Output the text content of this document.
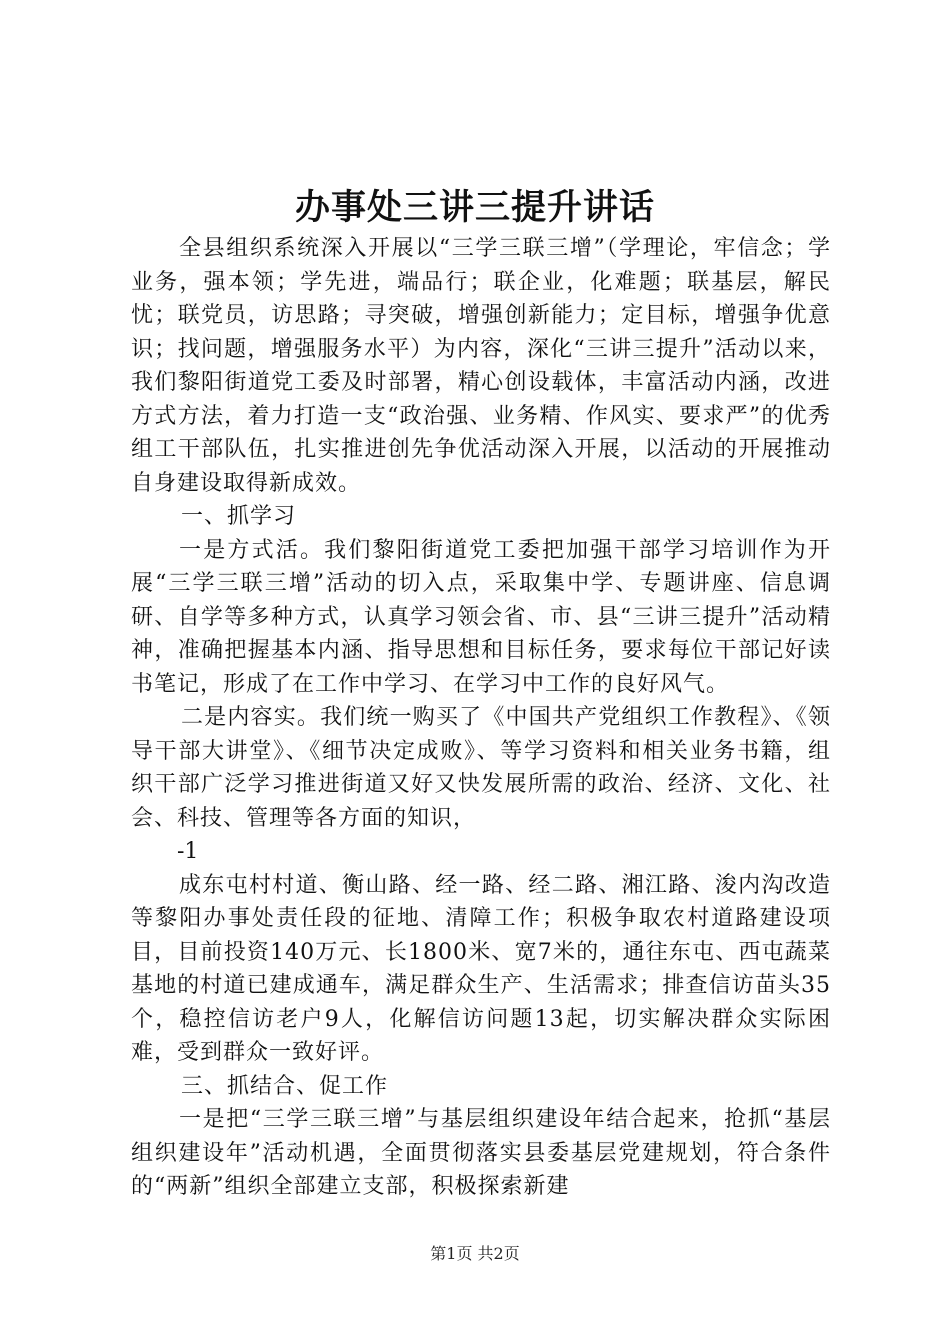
办事处三讲三提升讲话

全县组织系统深入开展以“三学三联三增”（学理论，牢信念；学业务，强本领；学先进，端品行；联企业，化难题；联基层，解民忧；联党员，访思路；寻突破，增强创新能力；定目标，增强争优意识；找问题，增强服务水平）为内容，深化“三讲三提升”活动以来，我们黎阳街道党工委及时部署，精心创设载体，丰富活动内涵，改进方式方法，着力打造一支“政治强、业务精、作风实、要求严”的优秀组工干部队伍，扎实推进创先争优活动深入开展，以活动的开展推动自身建设取得新成效。

一、抓学习

一是方式活。我们黎阳街道党工委把加强干部学习培训作为开展“三学三联三增”活动的切入点，采取集中学、专题讲座、信息调研、自学等多种方式，认真学习领会省、市、县“三讲三提升”活动精神，准确把握基本内涵、指导思想和目标任务，要求每位干部记好读书笔记，形成了在工作中学习、在学习中工作的良好风气。

二是内容实。我们统一购买了《中国共产党组织工作教程》、《领导干部大讲堂》、《细节决定成败》、等学习资料和相关业务书籍，组织干部广泛学习推进街道又好又快发展所需的政治、经济、文化、社会、科技、管理等各方面的知识，

-1

成东屯村村道、衡山路、经一路、经二路、湘江路、浚内沟改造等黎阳办事处责任段的征地、清障工作；积极争取农村道路建设项目，目前投资140万元、长1800米、宽7米的，通往东屯、西屯蔬菜基地的村道已建成通车，满足群众生产、生活需求；排查信访苗头35个，稳控信访老户9人，化解信访问题13起，切实解决群众实际困难，受到群众一致好评。

三、抓结合、促工作

一是把“三学三联三增”与基层组织建设年结合起来，抢抓“基层组织建设年”活动机遇，全面贯彻落实县委基层党建规划，符合条件的“两新”组织全部建立支部，积极探索新建

第1页 共2页
